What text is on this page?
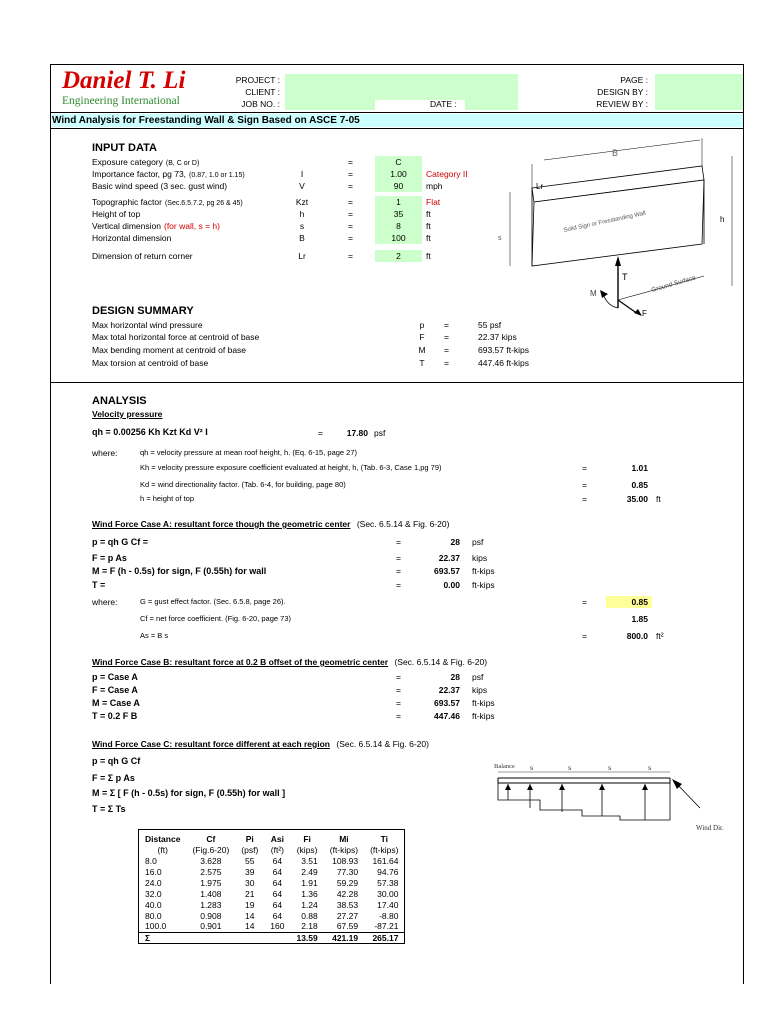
Daniel T. Li
Engineering International
PROJECT :
CLIENT :
JOB NO. :	DATE :
PAGE :
DESIGN BY :
REVIEW BY :
Wind Analysis for Freestanding Wall & Sign Based on ASCE 7-05
INPUT DATA
Exposure category (B, C or D)	=	C
Importance factor, pg 73, (0.87, 1.0 or 1.15)	I	=	1.00	Category II
Basic wind speed (3 sec. gust wind)	V	=	90	mph
Topographic factor (Sec.6.5.7.2, pg 26 & 45)	Kzt	=	1	Flat
Height of top	h	=	35	ft
Vertical dimension (for wall, s = h)	s	=	8	ft
Horizontal dimension	B	=	100	ft
Dimension of return corner	Lr	=	2	ft
Lr
B
s
h
Solid Sign or Freestanding Wall
Ground Surface
T
M
F
DESIGN SUMMARY
Max horizontal wind pressure	p	=	55 psf
Max total horizontal force at centroid of base	F	=	22.37 kips
Max bending moment at centroid of base	M	=	693.57 ft-kips
Max torsion at centroid of base	T	=	447.46 ft-kips
ANALYSIS
Velocity pressure
qh = 0.00256 Kh Kzt Kd V² I	=	17.80 psf
where:	qh = velocity pressure at mean roof height, h. (Eq. 6-15, page 27)
Kh = velocity pressure exposure coefficient evaluated at height, h, (Tab. 6-3, Case 1,pg 79)	=	1.01
Kd = wind directionality factor. (Tab. 6-4, for building, page 80)	=	0.85
h = height of top	=	35.00 ft
Wind Force Case A: resultant force though the geometric center (Sec. 6.5.14 & Fig. 6-20)
p = qh G Cf =	=	28 psf
F = p As	=	22.37 kips
M = F (h - 0.5s) for sign, F (0.55h) for wall	=	693.57 ft-kips
T =	=	0.00 ft-kips
where:	G = gust effect factor. (Sec. 6.5.8, page 26).	=	0.85
Cf = net force coefficient. (Fig. 6-20, page 73)	1.85
As = B s	=	800.0 ft²
Wind Force Case B: resultant force at 0.2 B offset of the geometric center (Sec. 6.5.14 & Fig. 6-20)
p = Case A	=	28 psf
F = Case A	=	22.37 kips
M = Case A	=	693.57 ft-kips
T = 0.2 F B	=	447.46 ft-kips
Wind Force Case C: resultant force different at each region (Sec. 6.5.14 & Fig. 6-20)
p = qh G Cf
F = Σ p As
M = Σ [ F (h - 0.5s) for sign, F (0.55h) for wall ]
T = Σ Ts
Balance s	s	s	s
Wind Dir.
Distance	Cf	Pi	Asi	Fi	Mi	Ti
(ft)	(Fig.6-20)	(psf)	(ft²)	(kips)	(ft-kips)	(ft-kips)
8.0	3.628	55	64	3.51	108.93	161.64
16.0	2.575	39	64	2.49	77.30	94.76
24.0	1.975	30	64	1.91	59.29	57.38
32.0	1.408	21	64	1.36	42.28	30.00
40.0	1.283	19	64	1.24	38.53	17.40
80.0	0.908	14	64	0.88	27.27	-8.80
100.0	0.901	14	160	2.18	67.59	-87.21
Σ				13.59	421.19	265.17
